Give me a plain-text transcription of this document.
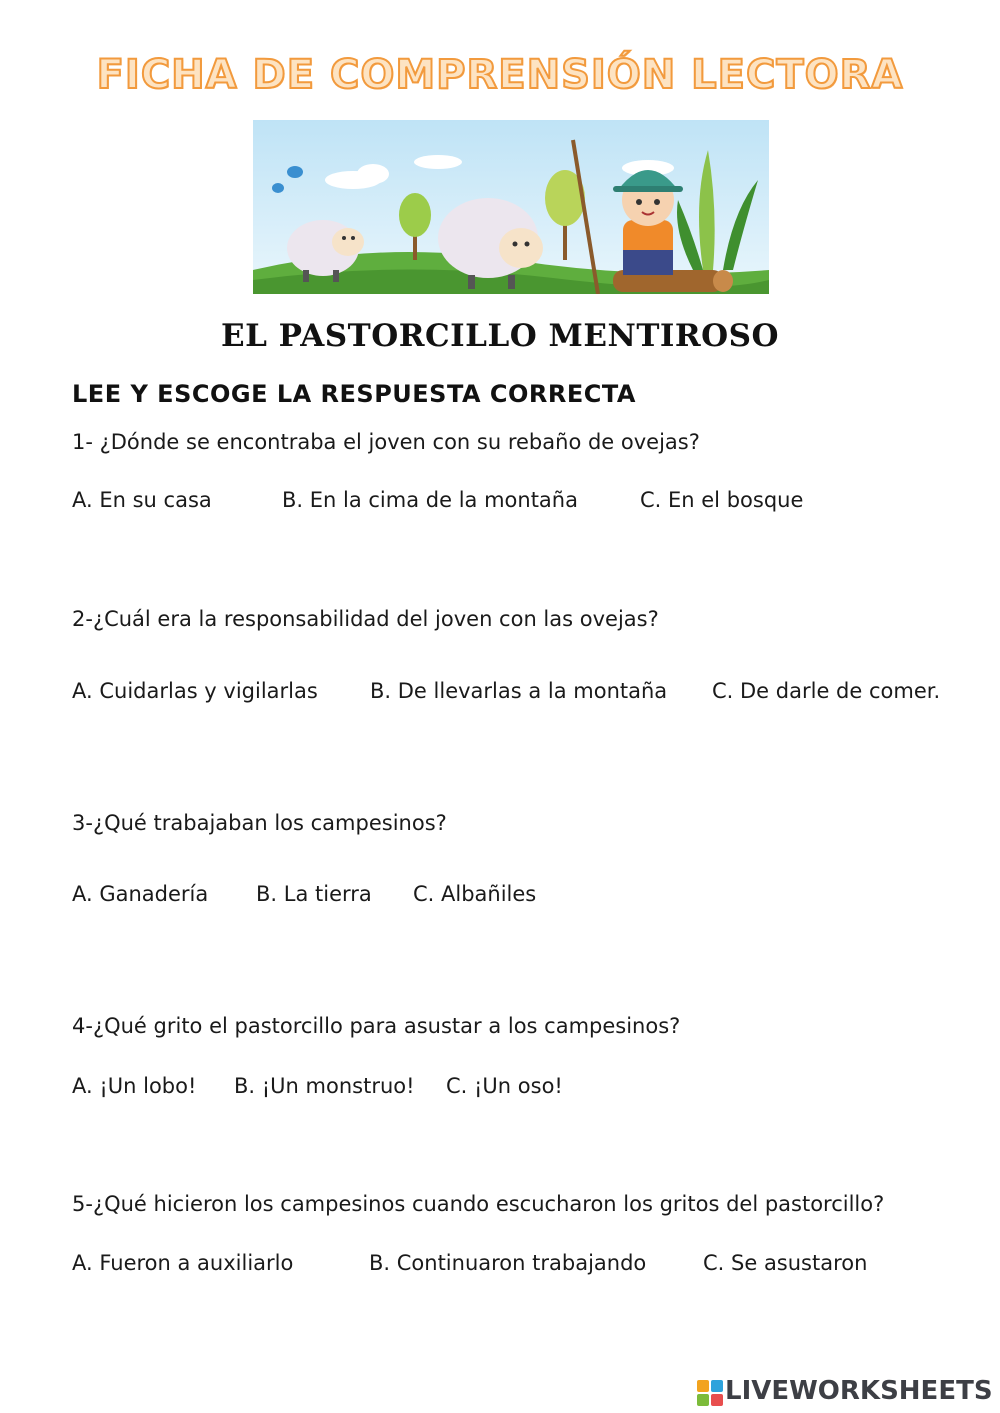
FICHA DE COMPRENSIÓN LECTORA
EL PASTORCILLO MENTIROSO
LEE Y ESCOGE LA RESPUESTA CORRECTA
1- ¿Dónde se encontraba el joven con su rebaño de ovejas?
A. En su casa	B. En la cima de la montaña	C. En el bosque
2-¿Cuál era la responsabilidad del joven con las ovejas?
A. Cuidarlas y vigilarlas B. De llevarlas a la montaña C. De darle de comer.
3-¿Qué trabajaban los campesinos?
A. Ganadería B. La tierra C. Albañiles
4-¿Qué grito el pastorcillo para asustar a los campesinos?
A. ¡Un lobo! B. ¡Un monstruo! C. ¡Un oso!
5-¿Qué hicieron los campesinos cuando escucharon los gritos del pastorcillo?
A. Fueron a auxiliarlo	B. Continuaron trabajando	C. Se asustaron
LIVEWORKSHEETS
